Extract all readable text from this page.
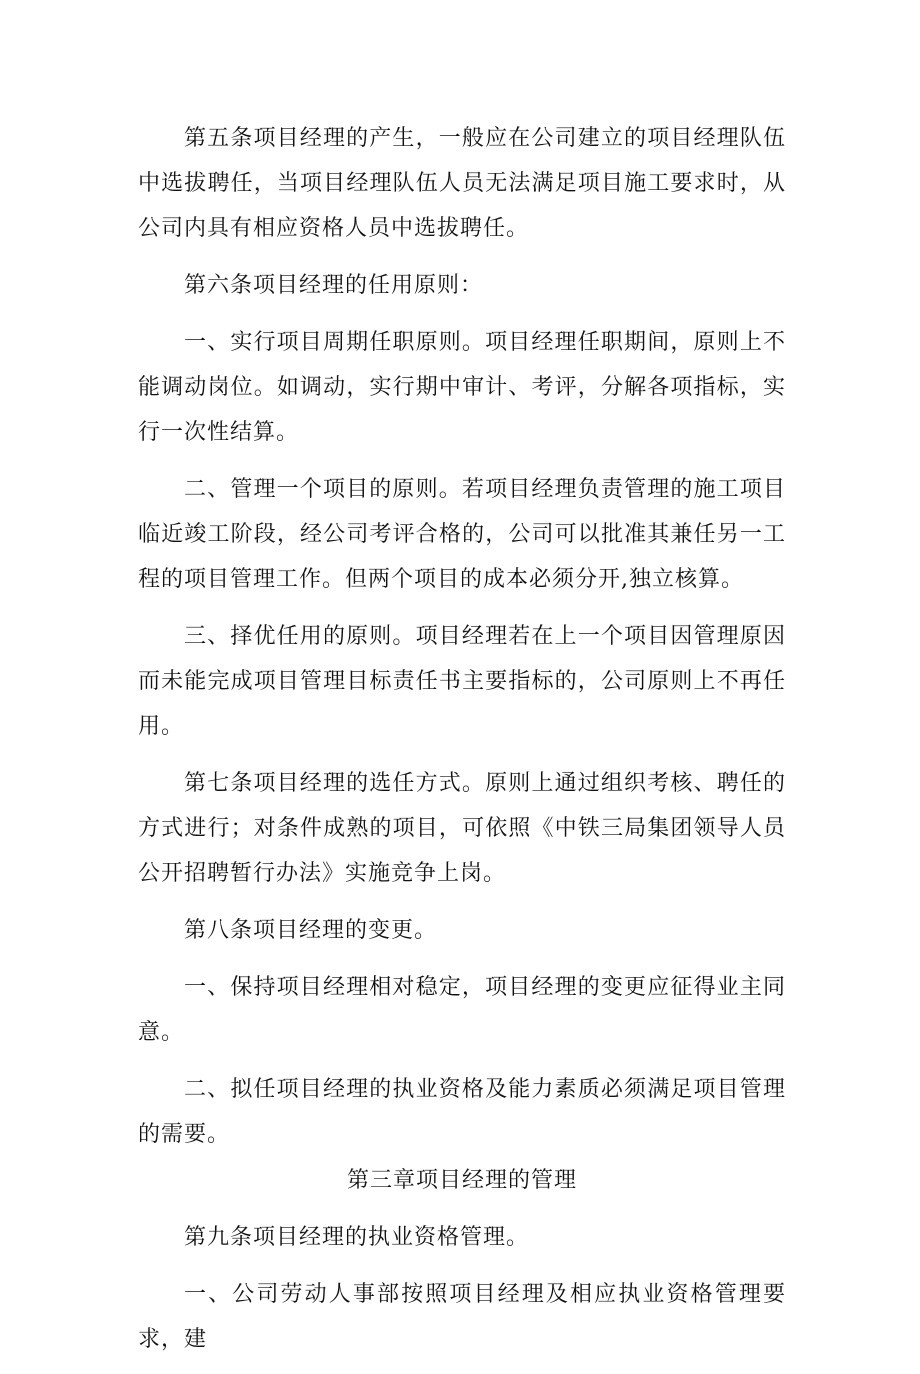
第五条项目经理的产生，一般应在公司建立的项目经理队伍中选拔聘任，当项目经理队伍人员无法满足项目施工要求时，从公司内具有相应资格人员中选拔聘任。

第六条项目经理的任用原则：

一、实行项目周期任职原则。项目经理任职期间，原则上不能调动岗位。如调动，实行期中审计、考评，分解各项指标，实行一次性结算。

二、管理一个项目的原则。若项目经理负责管理的施工项目临近竣工阶段，经公司考评合格的，公司可以批准其兼任另一工程的项目管理工作。但两个项目的成本必须分开,独立核算。

三、择优任用的原则。项目经理若在上一个项目因管理原因而未能完成项目管理目标责任书主要指标的，公司原则上不再任用。

第七条项目经理的选任方式。原则上通过组织考核、聘任的方式进行；对条件成熟的项目，可依照《中铁三局集团领导人员公开招聘暂行办法》实施竞争上岗。

第八条项目经理的变更。

一、保持项目经理相对稳定，项目经理的变更应征得业主同意。

二、拟任项目经理的执业资格及能力素质必须满足项目管理的需要。

第三章项目经理的管理

第九条项目经理的执业资格管理。

一、公司劳动人事部按照项目经理及相应执业资格管理要求，建
